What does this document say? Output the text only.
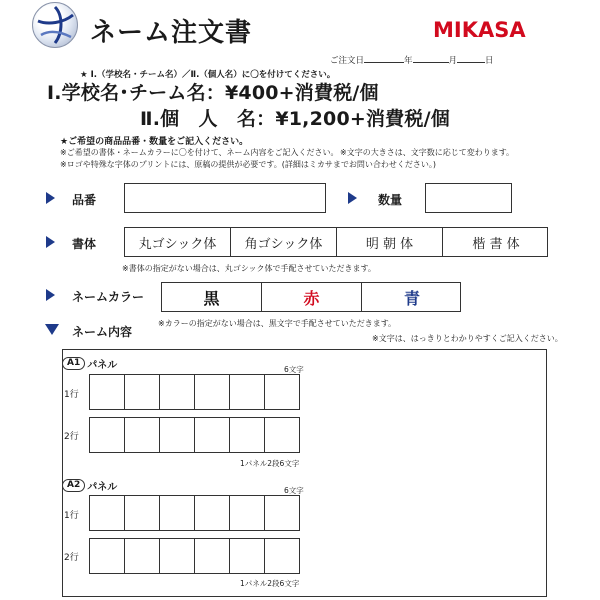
ネーム注文書	MIKASA
ご注文日	年	月	日
★ Ⅰ.（学校名・チーム名）／Ⅱ.（個人名）に〇を付けてください。
Ⅰ.学校名･チーム名：¥400+消費税/個
Ⅱ.個　人　名：¥1,200+消費税/個
★ご希望の商品品番・数量をご記入ください。
※ご希望の書体・ネームカラーに〇を付けて、ネーム内容をご記入ください。 ※文字の大きさは、文字数に応じて変わります。
※ロゴや特殊な字体のプリントには、原稿の提供が必要です。(詳細はミカサまでお問い合わせください。)
品番	数量
書体	丸ゴシック体	角ゴシック体	明 朝 体	楷 書 体
※書体の指定がない場合は、丸ゴシック体で手配させていただきます。
ネームカラー	黒	赤	青
※カラーの指定がない場合は、黒文字で手配させていただきます。
ネーム内容	※文字は、はっきりとわかりやすくご記入ください。
A1 パネル	6文字
1行
2行
1パネル2段6文字
A2 パネル	6文字
1行
2行
1パネル2段6文字
